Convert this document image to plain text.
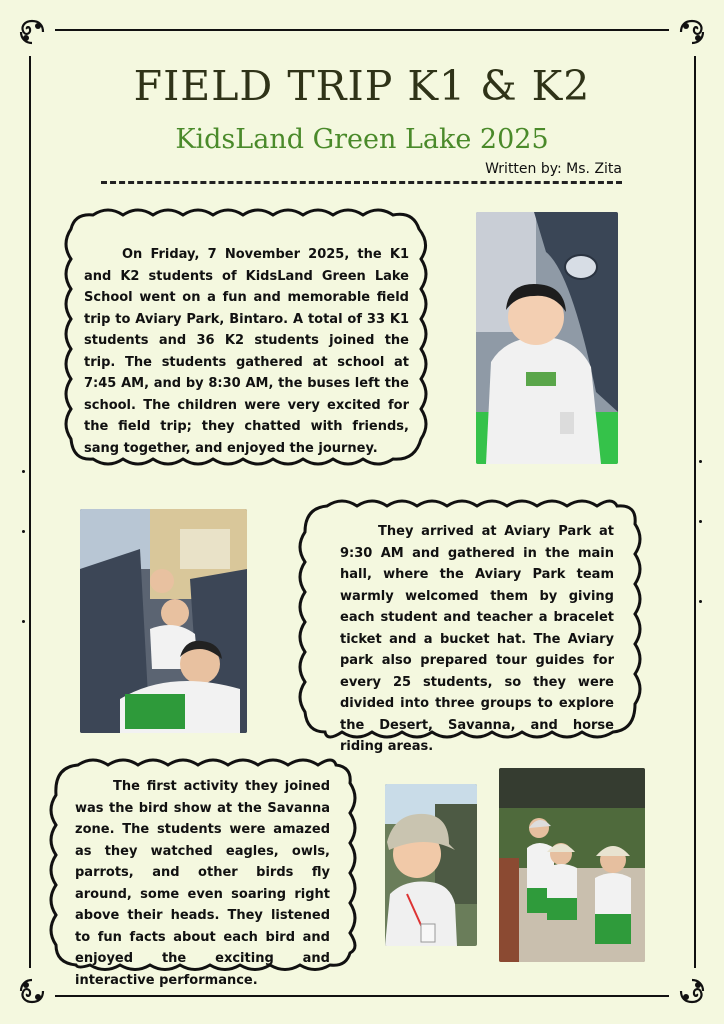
FIELD TRIP K1 & K2
KidsLand Green Lake 2025
Written by: Ms. Zita
On Friday, 7 November 2025, the K1 and K2 students of KidsLand Green Lake School went on a fun and memorable field trip to Aviary Park, Bintaro. A total of 33 K1 students and 36 K2 students joined the trip. The students gathered at school at 7:45 AM, and by 8:30 AM, the buses left the school. The children were very excited for the field trip; they chatted with friends, sang together, and enjoyed the journey.
They arrived at Aviary Park at 9:30 AM and gathered in the main hall, where the Aviary Park team warmly welcomed them by giving each student and teacher a bracelet ticket and a bucket hat. The Aviary park also prepared tour guides for every 25 students, so they were divided into three groups to explore the Desert, Savanna, and horse riding areas.
The first activity they joined was the bird show at the Savanna zone. The students were amazed as they watched eagles, owls, parrots, and other birds fly around, some even soaring right above their heads. They listened to fun facts about each bird and enjoyed the exciting and interactive performance.
